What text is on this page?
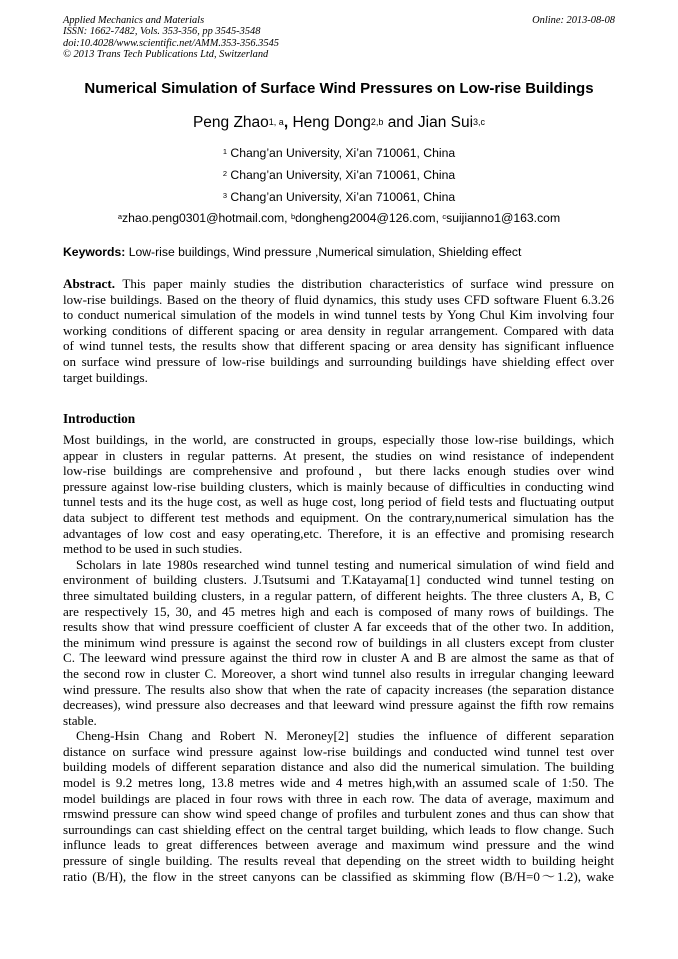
Applied Mechanics and Materials
ISSN: 1662-7482, Vols. 353-356, pp 3545-3548
doi:10.4028/www.scientific.net/AMM.353-356.3545
© 2013 Trans Tech Publications Ltd, Switzerland
Online: 2013-08-08
Numerical Simulation of Surface Wind Pressures on Low-rise Buildings
Peng Zhao$^{1, a}$, Heng Dong$^{2,b}$ and Jian Sui$^{3,c}$
$^1$ Chang’an University, Xi’an 710061, China
$^2$ Chang’an University, Xi’an 710061, China
$^3$ Chang’an University, Xi’an 710061, China
$^a$zhao.peng0301@hotmail.com, $^b$dongheng2004@126.com, $^c$suijianno1@163.com
Keywords: Low-rise buildings, Wind pressure ,Numerical simulation, Shielding effect
Abstract. This paper mainly studies the distribution characteristics of surface wind pressure on
low-rise buildings. Based on the theory of fluid dynamics, this study uses CFD software Fluent 6.3.26
to conduct numerical simulation of the models in wind tunnel tests by Yong Chul Kim involving four
working conditions of different spacing or area density in regular arrangement. Compared with data
of wind tunnel tests, the results show that different spacing or area density has significant influence
on surface wind pressure of low-rise buildings and surrounding buildings have shielding effect over
target buildings.
Introduction
Most buildings, in the world, are constructed in groups, especially those low-rise buildings, which
appear in clusters in regular patterns. At present, the studies on wind resistance of independent
low-rise buildings are comprehensive and profound，but there lacks enough studies over wind
pressure against low-rise building clusters, which is mainly because of difficulties in conducting wind
tunnel tests and its the huge cost, as well as huge cost, long period of field tests and fluctuating output
data subject to different test methods and equipment. On the contrary,numerical simulation has the
advantages of low cost and easy operating,etc. Therefore, it is an effective and promising research
method to be used in such studies.
Scholars in late 1980s researched wind tunnel testing and numerical simulation of wind field and
environment of building clusters. J.Tsutsumi and T.Katayama[1] conducted wind tunnel testing on
three simultated building clusters, in a regular pattern, of different heights. The three clusters A, B, C
are respectively 15, 30, and 45 metres high and each is composed of many rows of buildings. The
results show that wind pressure coefficient of cluster A far exceeds that of the other two. In addition,
the minimum wind pressure is against the second row of buildings in all clusters except from cluster
C. The leeward wind pressure against the third row in cluster A and B are almost the same as that of
the second row in cluster C. Moreover, a short wind tunnel also results in irregular changing leeward
wind pressure. The results also show that when the rate of capacity increases (the separation distance
decreases), wind pressure also decreases and that leeward wind pressure against the fifth row remains
stable.
Cheng-Hsin Chang and Robert N. Meroney[2] studies the influence of different separation
distance on surface wind pressure against low-rise buildings and conducted wind tunnel test over
building models of different separation distance and also did the numerical simulation. The building
model is 9.2 metres long, 13.8 metres wide and 4 metres high,with an assumed scale of 1:50. The
model buildings are placed in four rows with three in each row. The data of average, maximum and
rmswind pressure can show wind speed change of profiles and turbulent zones and thus can show that
surroundings can cast shielding effect on the central target building, which leads to flow change. Such
influnce leads to great differences between average and maximum wind pressure and the wind
pressure of single building. The results reveal that depending on the street width to building height
ratio (B/H), the flow in the street canyons can be classified as skimming flow (B/H=0～1.2), wake
